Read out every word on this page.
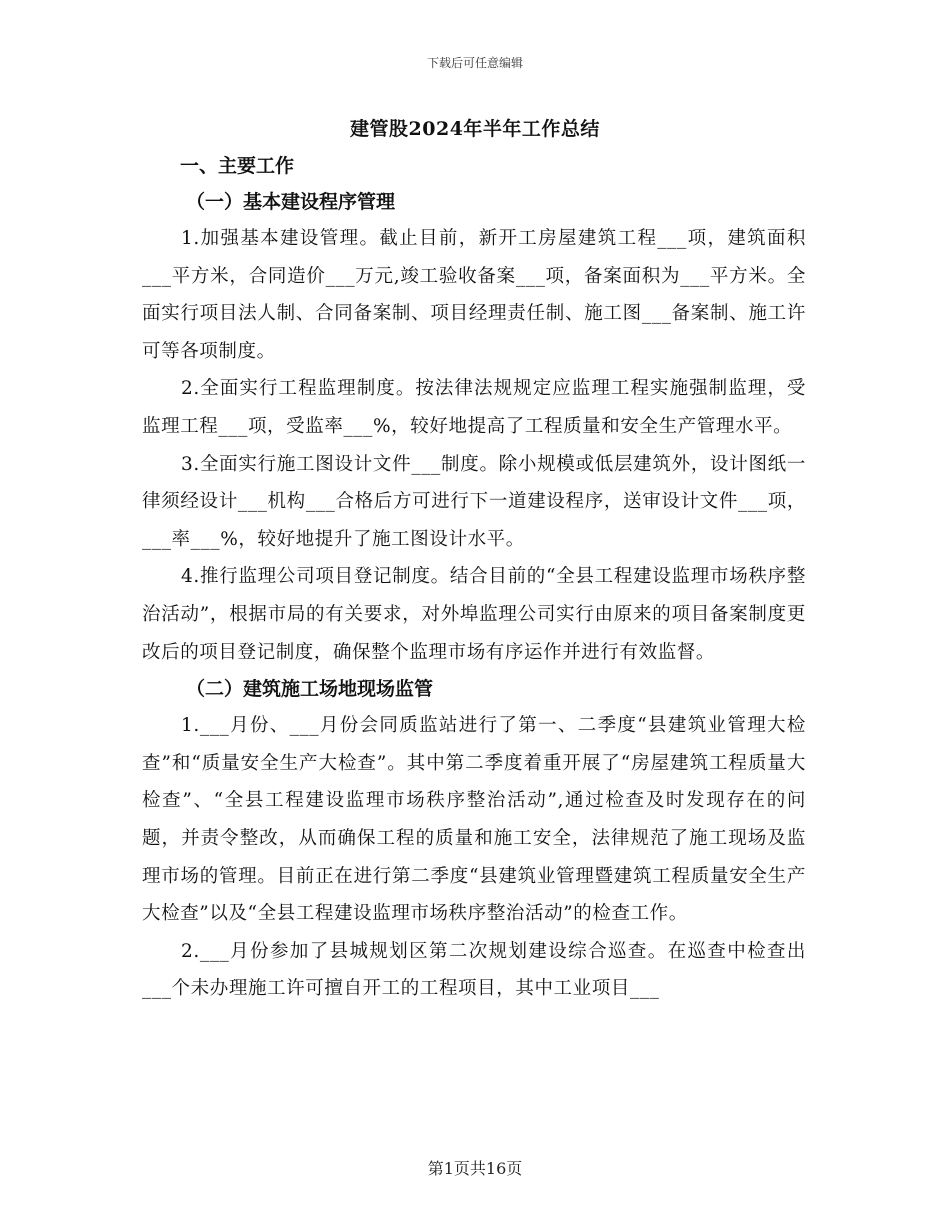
下载后可任意编辑
建管股2024年半年工作总结

一、主要工作

（一）基本建设程序管理

1.加强基本建设管理。截止目前，新开工房屋建筑工程___项，建筑面积___平方米，合同造价___万元,竣工验收备案___项，备案面积为___平方米。全面实行项目法人制、合同备案制、项目经理责任制、施工图___备案制、施工许可等各项制度。

2.全面实行工程监理制度。按法律法规规定应监理工程实施强制监理，受监理工程___项，受监率___%，较好地提高了工程质量和安全生产管理水平。

3.全面实行施工图设计文件___制度。除小规模或低层建筑外，设计图纸一律须经设计___机构___合格后方可进行下一道建设程序，送审设计文件___项，___率___%，较好地提升了施工图设计水平。

4.推行监理公司项目登记制度。结合目前的“全县工程建设监理市场秩序整治活动”，根据市局的有关要求，对外埠监理公司实行由原来的项目备案制度更改后的项目登记制度，确保整个监理市场有序运作并进行有效监督。

（二）建筑施工场地现场监管

1.___月份、___月份会同质监站进行了第一、二季度“县建筑业管理大检查”和“质量安全生产大检查”。其中第二季度着重开展了“房屋建筑工程质量大检查”、“全县工程建设监理市场秩序整治活动”,通过检查及时发现存在的问题，并责令整改，从而确保工程的质量和施工安全，法律规范了施工现场及监理市场的管理。目前正在进行第二季度“县建筑业管理暨建筑工程质量安全生产大检查”以及“全县工程建设监理市场秩序整治活动”的检查工作。

2.___月份参加了县城规划区第二次规划建设综合巡查。在巡查中检查出___个未办理施工许可擅自开工的工程项目，其中工业项目___

第1页共16页
